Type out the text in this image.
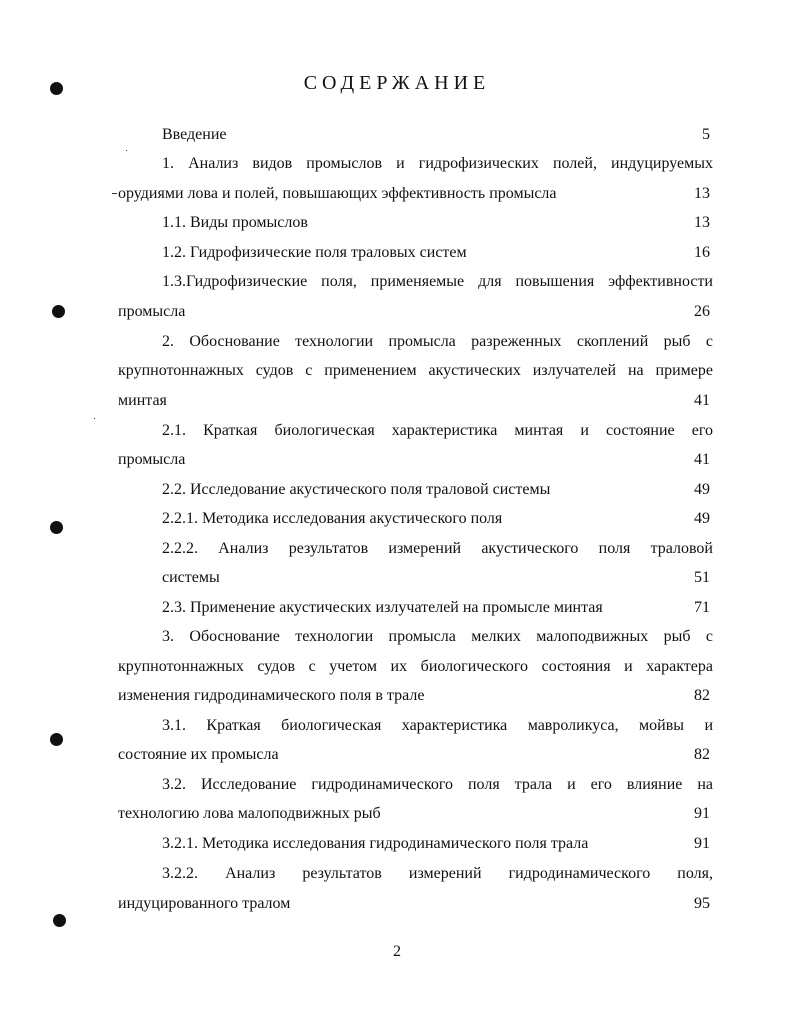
СОДЕРЖАНИЕ
Введение	5
1. Анализ видов промыслов и гидрофизических полей, индуцируемых
орудиями лова и полей, повышающих эффективность промысла	13
1.1. Виды промыслов	13
1.2. Гидрофизические поля траловых систем	16
1.3.Гидрофизические поля, применяемые для повышения эффективности
промысла	26
2. Обоснование технологии промысла разреженных скоплений рыб с
крупнотоннажных судов с применением акустических излучателей на примере
минтая	41
2.1. Краткая биологическая характеристика минтая и состояние его
промысла	41
2.2. Исследование акустического поля траловой системы	49
2.2.1. Методика исследования акустического поля	49
2.2.2. Анализ результатов измерений акустического поля траловой
системы	51
2.3. Применение акустических излучателей на промысле минтая	71
3. Обоснование технологии промысла мелких малоподвижных рыб с
крупнотоннажных судов с учетом их биологического состояния и характера
изменения гидродинамического поля в трале	82
3.1. Краткая биологическая характеристика мавроликуса, мойвы и
состояние их промысла	82
3.2. Исследование гидродинамического поля трала и его влияние на
технологию лова малоподвижных рыб	91
3.2.1. Методика исследования гидродинамического поля трала	91
3.2.2. Анализ результатов измерений гидродинамического поля,
индуцированного тралом	95
2
